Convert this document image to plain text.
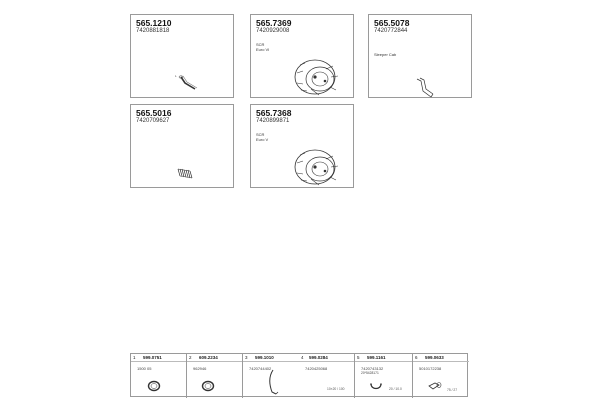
565.1210
7420881818
L
565.7369
7420929008
SCR
Euro VI
565.5078
7420772844
Sleeper Cab
565.5016
7420709627
565.7368
7420899871
SCR
Euro V
1 599.0751
1500 05
2 609.2234
962946
3 599.1010	4 599.0284
7420744402	7420425068
10×20 / 100
5 599.1161
7420743132
20*5428171
20 / 10.0
6 599.0633
5010172238
75 / 27
